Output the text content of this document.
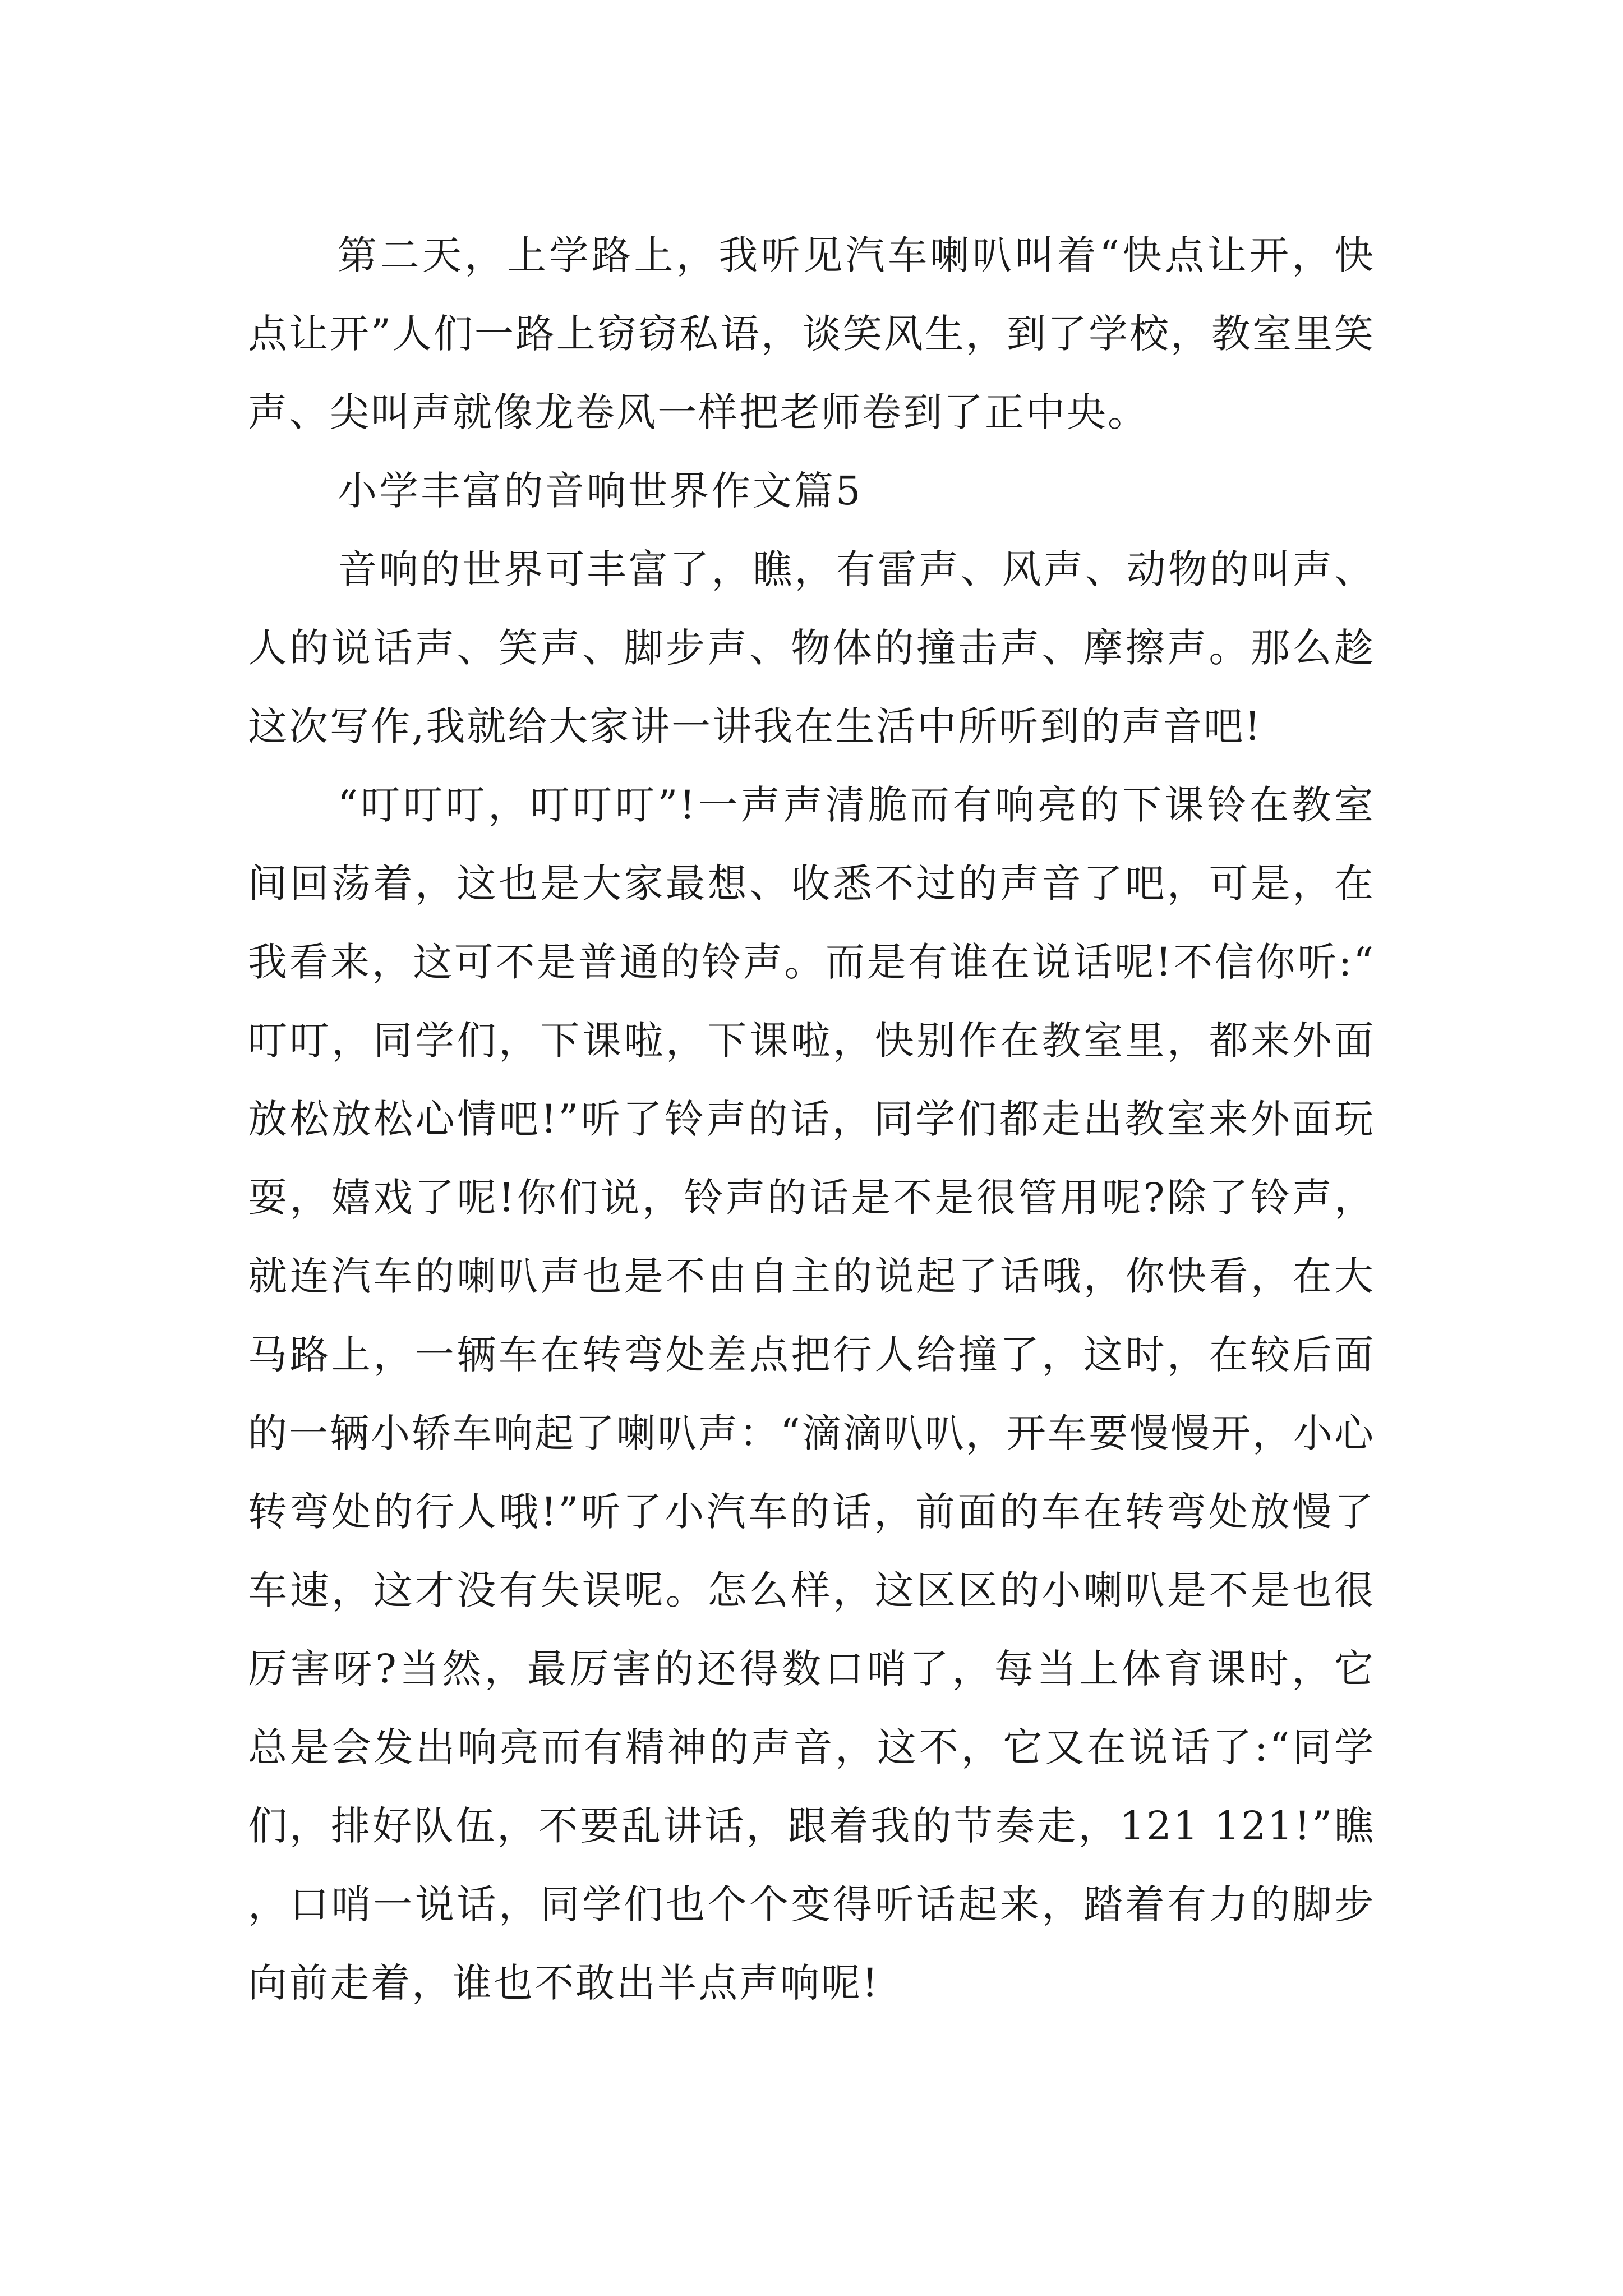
第二天，上学路上，我听见汽车喇叭叫着“快点让开，快点让开”人们一路上窃窃私语，谈笑风生，到了学校，教室里笑声、尖叫声就像龙卷风一样把老师卷到了正中央。

小学丰富的音响世界作文篇5

音响的世界可丰富了，瞧，有雷声、风声、动物的叫声、人的说话声、笑声、脚步声、物体的撞击声、摩擦声。那么趁这次写作,我就给大家讲一讲我在生活中所听到的声音吧!

“叮叮叮，叮叮叮”!一声声清脆而有响亮的下课铃在教室间回荡着，这也是大家最想、收悉不过的声音了吧，可是，在我看来，这可不是普通的铃声。而是有谁在说话呢!不信你听:“叮叮，同学们，下课啦，下课啦，快别作在教室里，都来外面放松放松心情吧!”听了铃声的话，同学们都走出教室来外面玩耍，嬉戏了呢!你们说，铃声的话是不是很管用呢?除了铃声，就连汽车的喇叭声也是不由自主的说起了话哦，你快看，在大马路上，一辆车在转弯处差点把行人给撞了，这时，在较后面的一辆小轿车响起了喇叭声：“滴滴叭叭，开车要慢慢开，小心转弯处的行人哦!”听了小汽车的话，前面的车在转弯处放慢了车速，这才没有失误呢。怎么样，这区区的小喇叭是不是也很厉害呀?当然，最厉害的还得数口哨了，每当上体育课时，它总是会发出响亮而有精神的声音，这不，它又在说话了:“同学们，排好队伍，不要乱讲话，跟着我的节奏走，121 121!”瞧，口哨一说话，同学们也个个变得听话起来，踏着有力的脚步向前走着，谁也不敢出半点声响呢!
